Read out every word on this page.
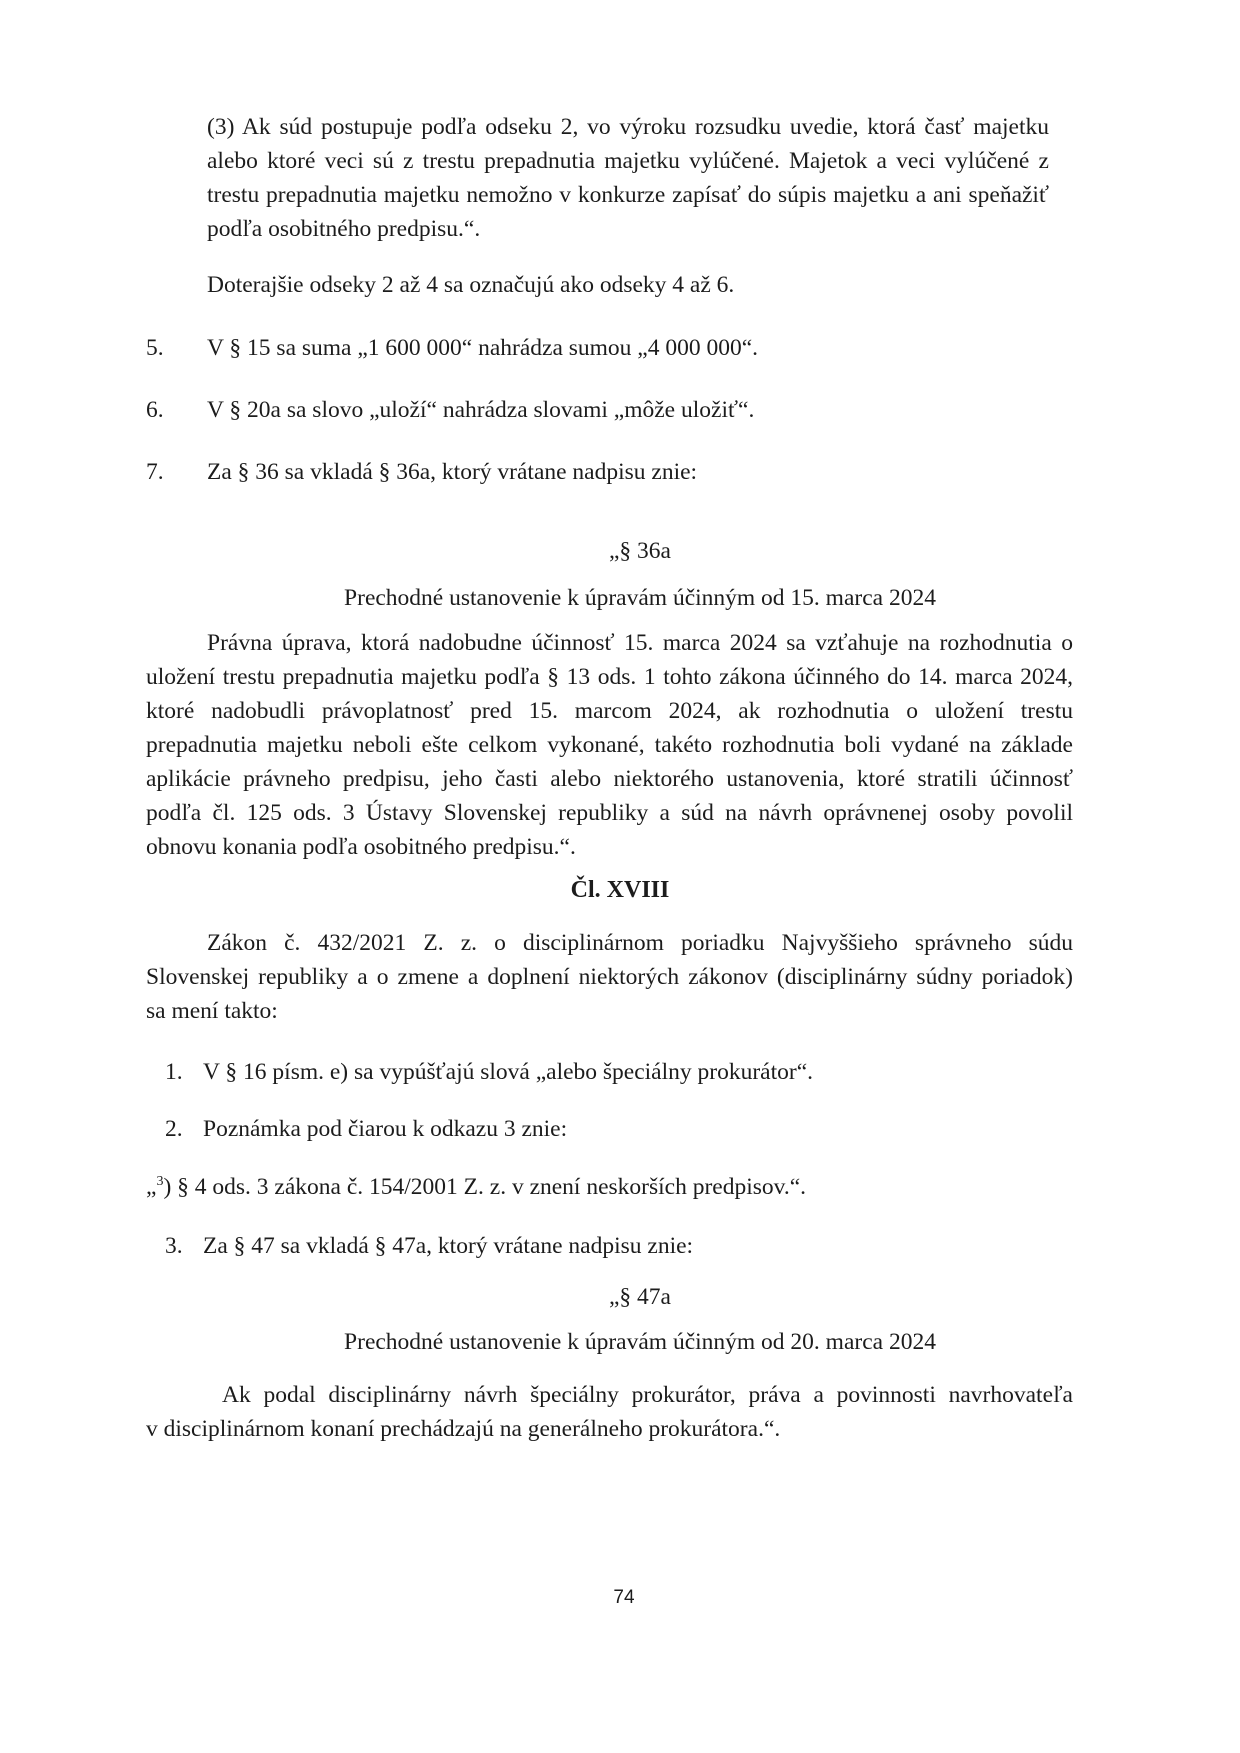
(3) Ak súd postupuje podľa odseku 2, vo výroku rozsudku uvedie, ktorá časť majetku
alebo ktoré veci sú z trestu prepadnutia majetku vylúčené. Majetok a veci vylúčené z
trestu prepadnutia majetku nemožno v konkurze zapísať do súpis majetku a ani speňažiť
podľa osobitného predpisu.“.
Doterajšie odseky 2 až 4 sa označujú ako odseky 4 až 6.
5. V § 15 sa suma „1 600 000“ nahrádza sumou „4 000 000“.
6. V § 20a sa slovo „uloží“ nahrádza slovami „môže uložiť“.
7. Za § 36 sa vkladá § 36a, ktorý vrátane nadpisu znie:
„§ 36a
Prechodné ustanovenie k úpravám účinným od 15. marca 2024
Právna úprava, ktorá nadobudne účinnosť 15. marca 2024 sa vzťahuje na rozhodnutia o
uložení trestu prepadnutia majetku podľa § 13 ods. 1 tohto zákona účinného do 14. marca 2024,
ktoré nadobudli právoplatnosť pred 15. marcom 2024, ak rozhodnutia o uložení trestu
prepadnutia majetku neboli ešte celkom vykonané, takéto rozhodnutia boli vydané na základe
aplikácie právneho predpisu, jeho časti alebo niektorého ustanovenia, ktoré stratili účinnosť
podľa čl. 125 ods. 3 Ústavy Slovenskej republiky a súd na návrh oprávnenej osoby povolil
obnovu konania podľa osobitného predpisu.“.
Čl. XVIII
Zákon č. 432/2021 Z. z. o disciplinárnom poriadku Najvyššieho správneho súdu
Slovenskej republiky a o zmene a doplnení niektorých zákonov (disciplinárny súdny poriadok)
sa mení takto:
1. V § 16 písm. e) sa vypúšťajú slová „alebo špeciálny prokurátor“.
2. Poznámka pod čiarou k odkazu 3 znie:
„$^3$) § 4 ods. 3 zákona č. 154/2001 Z. z. v znení neskorších predpisov.“.
3. Za § 47 sa vkladá § 47a, ktorý vrátane nadpisu znie:
„§ 47a
Prechodné ustanovenie k úpravám účinným od 20. marca 2024
Ak podal disciplinárny návrh špeciálny prokurátor, práva a povinnosti navrhovateľa
v disciplinárnom konaní prechádzajú na generálneho prokurátora.“.
74
